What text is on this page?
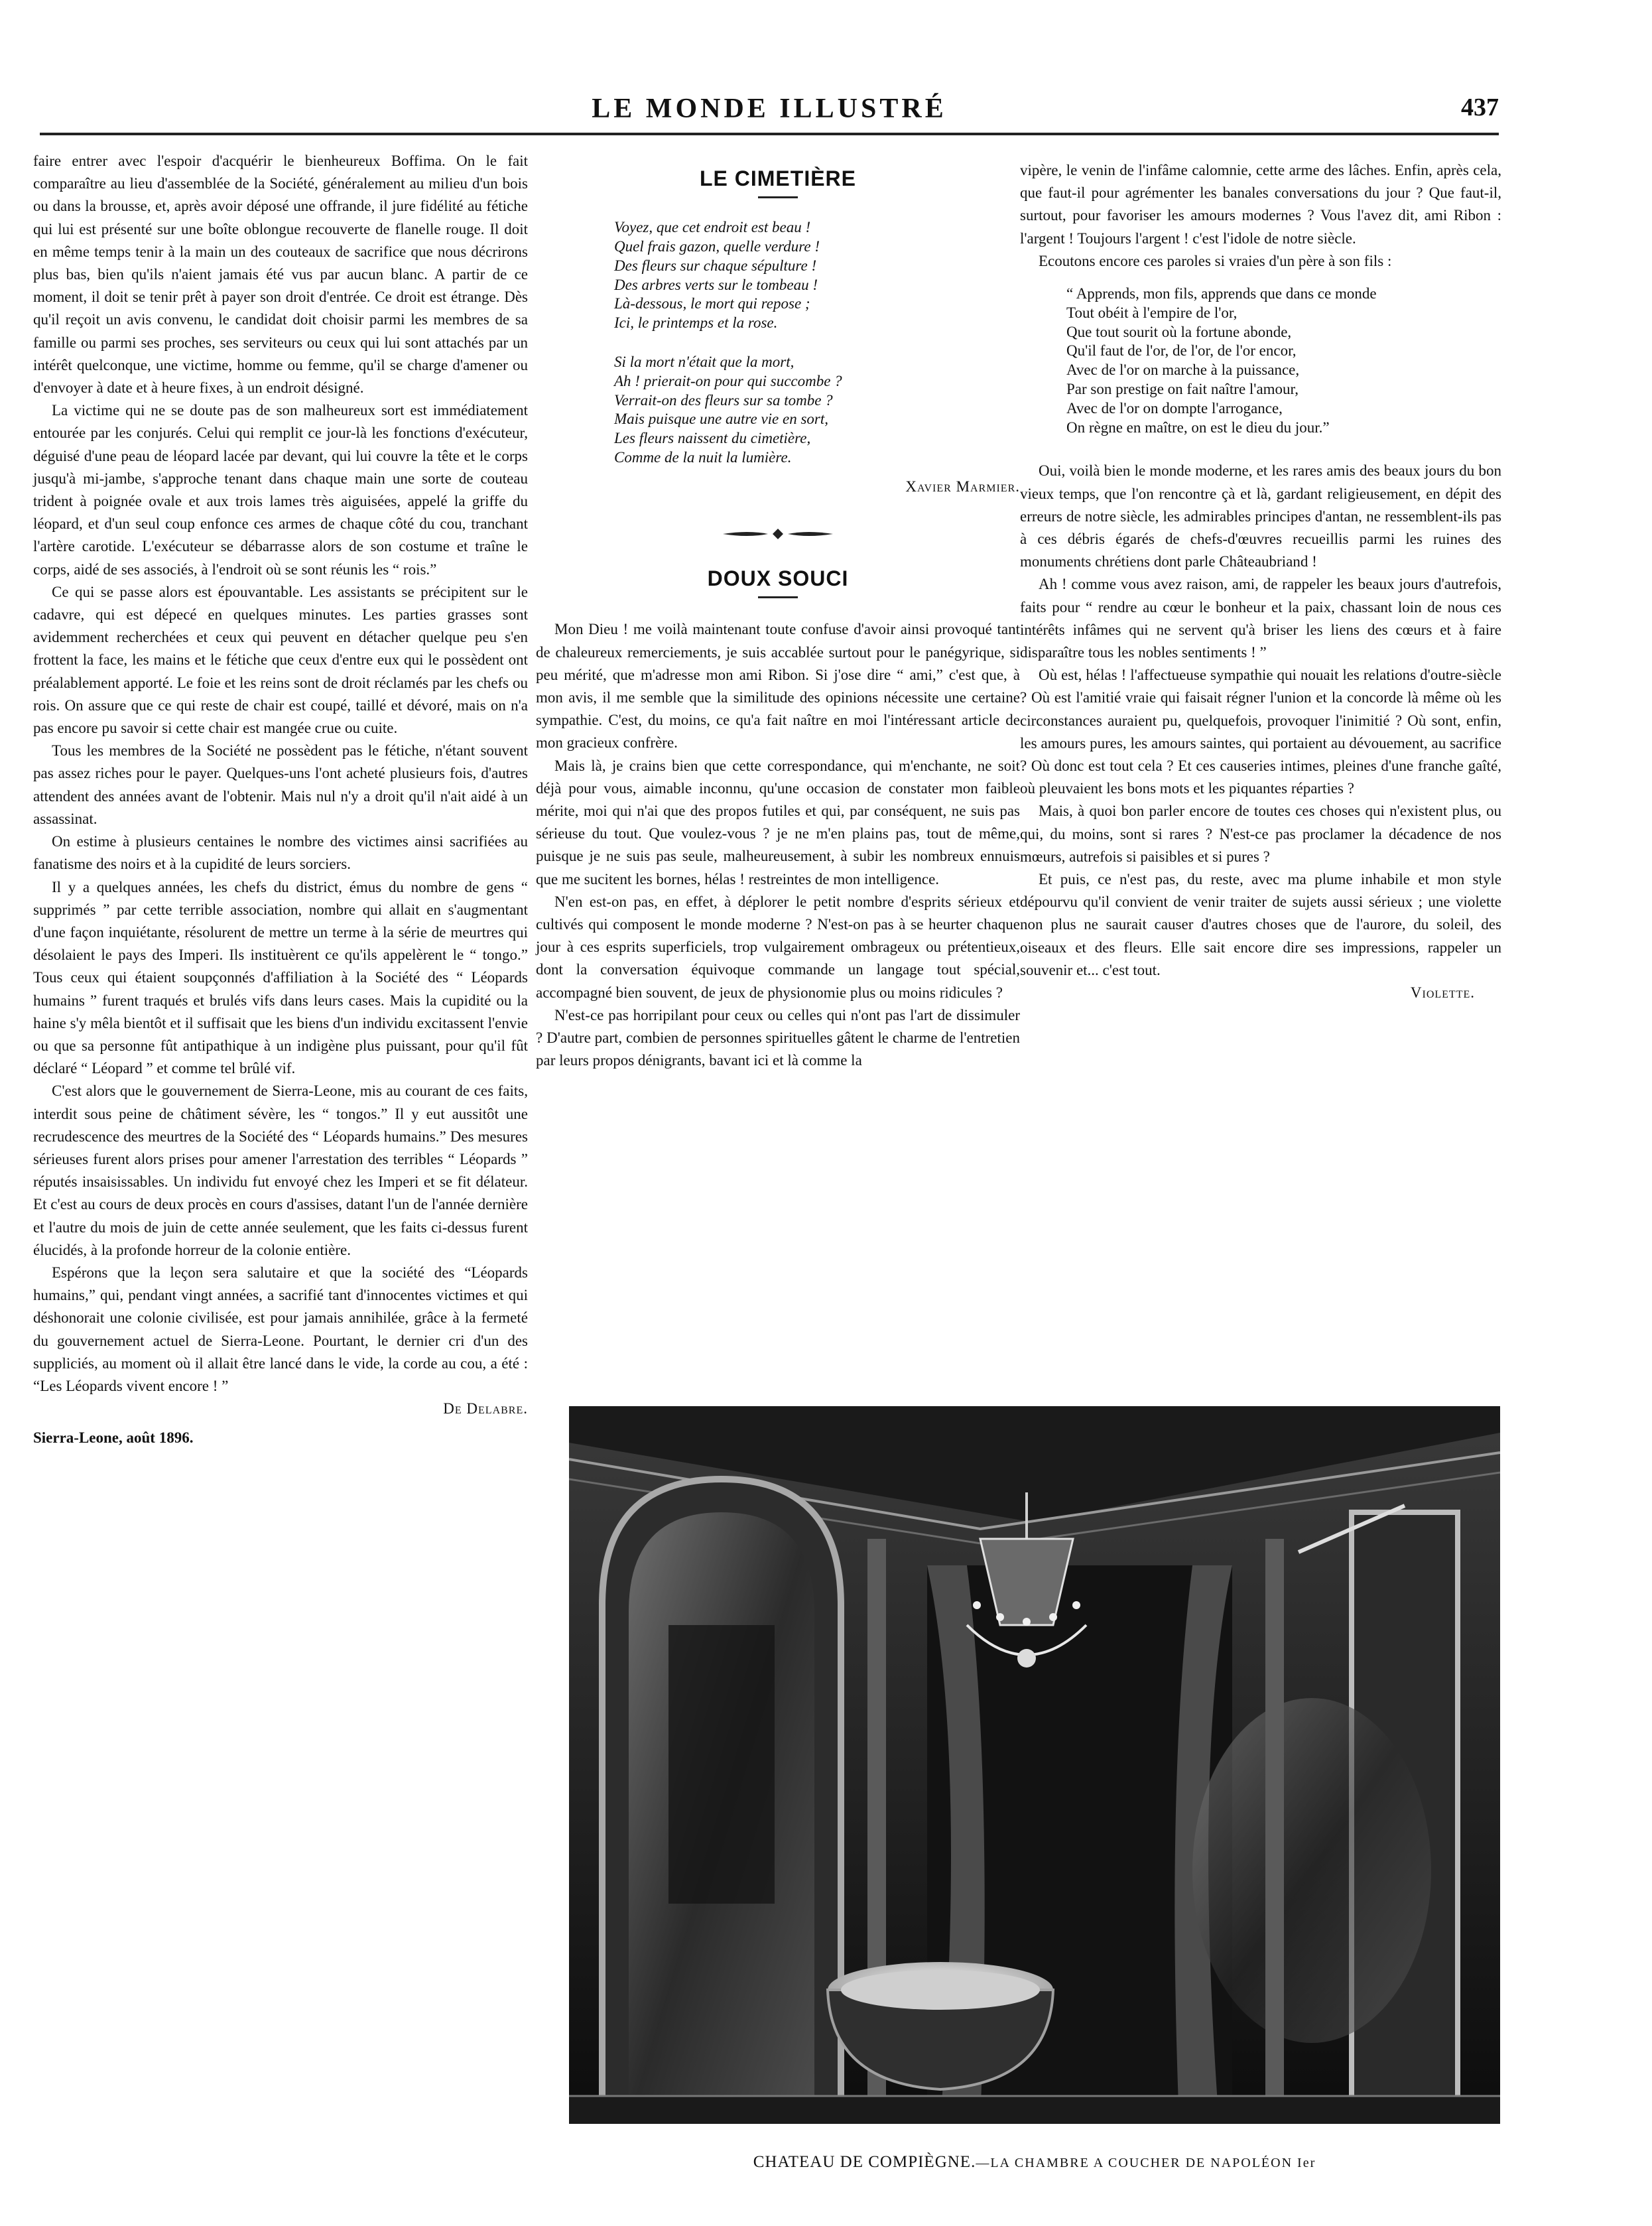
LE MONDE ILLUSTRÉ	437

faire entrer avec l'espoir d'acquérir le bienheureux Boffima. On le fait comparaître au lieu d'assemblée de la Société, généralement au milieu d'un bois ou dans la brousse, et, après avoir déposé une offrande, il jure fidélité au fétiche qui lui est présenté sur une boîte oblongue recouverte de flanelle rouge. Il doit en même temps tenir à la main un des couteaux de sacrifice que nous décrirons plus bas, bien qu'ils n'aient jamais été vus par aucun blanc. A partir de ce moment, il doit se tenir prêt à payer son droit d'entrée. Ce droit est étrange. Dès qu'il reçoit un avis convenu, le candidat doit choisir parmi les membres de sa famille ou parmi ses proches, ses serviteurs ou ceux qui lui sont attachés par un intérêt quelconque, une victime, homme ou femme, qu'il se charge d'amener ou d'envoyer à date et à heure fixes, à un endroit désigné.

La victime qui ne se doute pas de son malheureux sort est immédiatement entourée par les conjurés. Celui qui remplit ce jour-là les fonctions d'exécuteur, déguisé d'une peau de léopard lacée par devant, qui lui couvre la tête et le corps jusqu'à mi-jambe, s'approche tenant dans chaque main une sorte de couteau trident à poignée ovale et aux trois lames très aiguisées, appelé la griffe du léopard, et d'un seul coup enfonce ces armes de chaque côté du cou, tranchant l'artère carotide. L'exécuteur se débarrasse alors de son costume et traîne le corps, aidé de ses associés, à l'endroit où se sont réunis les “ rois.”

Ce qui se passe alors est épouvantable. Les assistants se précipitent sur le cadavre, qui est dépecé en quelques minutes. Les parties grasses sont avidemment recherchées et ceux qui peuvent en détacher quelque peu s'en frottent la face, les mains et le fétiche que ceux d'entre eux qui le possèdent ont préalablement apporté. Le foie et les reins sont de droit réclamés par les chefs ou rois. On assure que ce qui reste de chair est coupé, taillé et dévoré, mais on n'a pas encore pu savoir si cette chair est mangée crue ou cuite.

Tous les membres de la Société ne possèdent pas le fétiche, n'étant souvent pas assez riches pour le payer. Quelques-uns l'ont acheté plusieurs fois, d'autres attendent des années avant de l'obtenir. Mais nul n'y a droit qu'il n'ait aidé à un assassinat.

On estime à plusieurs centaines le nombre des victimes ainsi sacrifiées au fanatisme des noirs et à la cupidité de leurs sorciers.

Il y a quelques années, les chefs du district, émus du nombre de gens “ supprimés ” par cette terrible association, nombre qui allait en s'augmentant d'une façon inquiétante, résolurent de mettre un terme à la série de meurtres qui désolaient le pays des Imperi. Ils instituèrent ce qu'ils appelèrent le “ tongo.” Tous ceux qui étaient soupçonnés d'affiliation à la Société des “ Léopards humains ” furent traqués et brulés vifs dans leurs cases. Mais la cupidité ou la haine s'y mêla bientôt et il suffisait que les biens d'un individu excitassent l'envie ou que sa personne fût antipathique à un indigène plus puissant, pour qu'il fût déclaré “ Léopard ” et comme tel brûlé vif.

C'est alors que le gouvernement de Sierra-Leone, mis au courant de ces faits, interdit sous peine de châtiment sévère, les “ tongos.” Il y eut aussitôt une recrudescence des meurtres de la Société des “ Léopards humains.” Des mesures sérieuses furent alors prises pour amener l'arrestation des terribles “ Léopards ” réputés insaisissables. Un individu fut envoyé chez les Imperi et se fit délateur. Et c'est au cours de deux procès en cours d'assises, datant l'un de l'année dernière et l'autre du mois de juin de cette année seulement, que les faits ci-dessus furent élucidés, à la profonde horreur de la colonie entière.

Espérons que la leçon sera salutaire et que la société des “Léopards humains,” qui, pendant vingt années, a sacrifié tant d'innocentes victimes et qui déshonorait une colonie civilisée, est pour jamais annihilée, grâce à la fermeté du gouvernement actuel de Sierra-Leone. Pourtant, le dernier cri d'un des suppliciés, au moment où il allait être lancé dans le vide, la corde au cou, a été : “Les Léopards vivent encore ! ”

De Delabre.
Sierra-Leone, août 1896.
LE CIMETIÈRE
Voyez, que cet endroit est beau !
Quel frais gazon, quelle verdure !
Des fleurs sur chaque sépulture !
Des arbres verts sur le tombeau !
Là-dessous, le mort qui repose ;
Ici, le printemps et la rose.
Si la mort n'était que la mort,
Ah ! prierait-on pour qui succombe ?
Verrait-on des fleurs sur sa tombe ?
Mais puisque une autre vie en sort,
Les fleurs naissent du cimetière,
Comme de la nuit la lumière.
Xavier Marmier.
DOUX SOUCI

Mon Dieu ! me voilà maintenant toute confuse d'avoir ainsi provoqué tant de chaleureux remerciements, je suis accablée surtout pour le panégyrique, si peu mérité, que m'adresse mon ami Ribon. Si j'ose dire “ ami,” c'est que, à mon avis, il me semble que la similitude des opinions nécessite une certaine sympathie. C'est, du moins, ce qu'a fait naître en moi l'intéressant article de mon gracieux confrère.

Mais là, je crains bien que cette correspondance, qui m'enchante, ne soit déjà pour vous, aimable inconnu, qu'une occasion de constater mon faible mérite, moi qui n'ai que des propos futiles et qui, par conséquent, ne suis pas sérieuse du tout. Que voulez-vous ? je ne m'en plains pas, tout de même, puisque je ne suis pas seule, malheureusement, à subir les nombreux ennuis que me sucitent les bornes, hélas ! restreintes de mon intelligence.

N'en est-on pas, en effet, à déplorer le petit nombre d'esprits sérieux et cultivés qui composent le monde moderne ? N'est-on pas à se heurter chaque jour à ces esprits superficiels, trop vulgairement ombrageux ou prétentieux, dont la conversation équivoque commande un langage tout spécial, accompagné bien souvent, de jeux de physionomie plus ou moins ridicules ?

N'est-ce pas horripilant pour ceux ou celles qui n'ont pas l'art de dissimuler ? D'autre part, combien de personnes spirituelles gâtent le charme de l'entretien par leurs propos dénigrants, bavant ici et là comme la

vipère, le venin de l'infâme calomnie, cette arme des lâches. Enfin, après cela, que faut-il pour agrémenter les banales conversations du jour ? Que faut-il, surtout, pour favoriser les amours modernes ? Vous l'avez dit, ami Ribon : l'argent ! Toujours l'argent ! c'est l'idole de notre siècle.

Ecoutons encore ces paroles si vraies d'un père à son fils :

“ Apprends, mon fils, apprends que dans ce monde
Tout obéit à l'empire de l'or,
Que tout sourit où la fortune abonde,
Qu'il faut de l'or, de l'or, de l'or encor,
Avec de l'or on marche à la puissance,
Par son prestige on fait naître l'amour,
Avec de l'or on dompte l'arrogance,
On règne en maître, on est le dieu du jour.”

Oui, voilà bien le monde moderne, et les rares amis des beaux jours du bon vieux temps, que l'on rencontre çà et là, gardant religieusement, en dépit des erreurs de notre siècle, les admirables principes d'antan, ne ressemblent-ils pas à ces débris égarés de chefs-d'œuvres recueillis parmi les ruines des monuments chrétiens dont parle Châteaubriand !

Ah ! comme vous avez raison, ami, de rappeler les beaux jours d'autrefois, faits pour “ rendre au cœur le bonheur et la paix, chassant loin de nous ces intérêts infâmes qui ne servent qu'à briser les liens des cœurs et à faire disparaître tous les nobles sentiments ! ”

Où est, hélas ! l'affectueuse sympathie qui nouait les relations d'outre-siècle ? Où est l'amitié vraie qui faisait régner l'union et la concorde là même où les circonstances auraient pu, quelquefois, provoquer l'inimitié ? Où sont, enfin, les amours pures, les amours saintes, qui portaient au dévouement, au sacrifice ? Où donc est tout cela ? Et ces causeries intimes, pleines d'une franche gaîté, où pleuvaient les bons mots et les piquantes réparties ?

Mais, à quoi bon parler encore de toutes ces choses qui n'existent plus, ou qui, du moins, sont si rares ? N'est-ce pas proclamer la décadence de nos mœurs, autrefois si paisibles et si pures ?

Et puis, ce n'est pas, du reste, avec ma plume inhabile et mon style dépourvu qu'il convient de venir traiter de sujets aussi sérieux ; une violette non plus ne saurait causer d'autres choses que de l'aurore, du soleil, des oiseaux et des fleurs. Elle sait encore dire ses impressions, rappeler un souvenir et... c'est tout.

Violette.
CHATEAU DE COMPIÈGNE.—LA CHAMBRE A COUCHER DE NAPOLÉON Ier
